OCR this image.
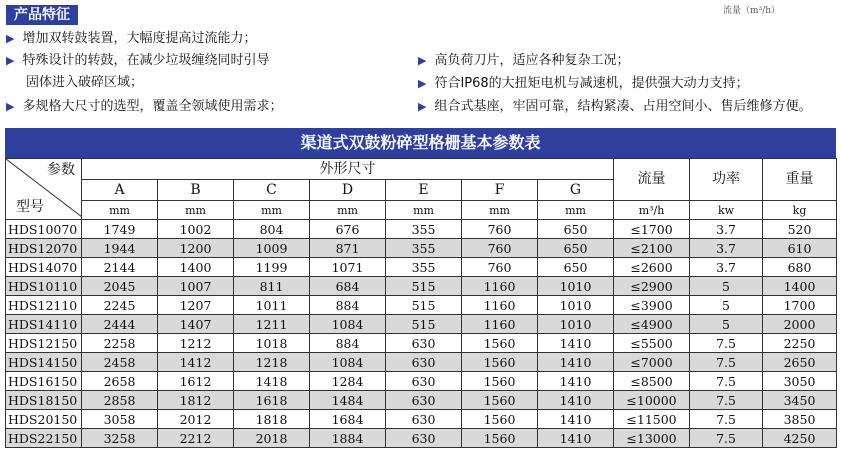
产品特征	流量（m³/h）
▶ 增加双转鼓装置，大幅度提高过流能力；
▶ 特殊设计的转鼓，在减少垃圾缠绕同时引导
固体进入破碎区域；
▶ 多规格大尺寸的选型，覆盖全领域使用需求；
▶ 高负荷刀片，适应各种复杂工况；
▶ 符合IP68的大扭矩电机与减速机，提供强大动力支持；
▶ 组合式基座，牢固可靠，结构紧凑、占用空间小、售后维修方便。
渠道式双鼓粉碎型格栅基本参数表
参数
型号	外形尺寸							流量	功率	重量
	A	B	C	D	E	F	G			
	mm	mm	mm	mm	mm	mm	mm	m³/h	kw	kg
HDS10070	1749	1002	804	676	355	760	650	≤1700	3.7	520
HDS12070	1944	1200	1009	871	355	760	650	≤2100	3.7	610
HDS14070	2144	1400	1199	1071	355	760	650	≤2600	3.7	680
HDS10110	2045	1007	811	684	515	1160	1010	≤2900	5	1400
HDS12110	2245	1207	1011	884	515	1160	1010	≤3900	5	1700
HDS14110	2444	1407	1211	1084	515	1160	1010	≤4900	5	2000
HDS12150	2258	1212	1018	884	630	1560	1410	≤5500	7.5	2250
HDS14150	2458	1412	1218	1084	630	1560	1410	≤7000	7.5	2650
HDS16150	2658	1612	1418	1284	630	1560	1410	≤8500	7.5	3050
HDS18150	2858	1812	1618	1484	630	1560	1410	≤10000	7.5	3450
HDS20150	3058	2012	1818	1684	630	1560	1410	≤11500	7.5	3850
HDS22150	3258	2212	2018	1884	630	1560	1410	≤13000	7.5	4250
